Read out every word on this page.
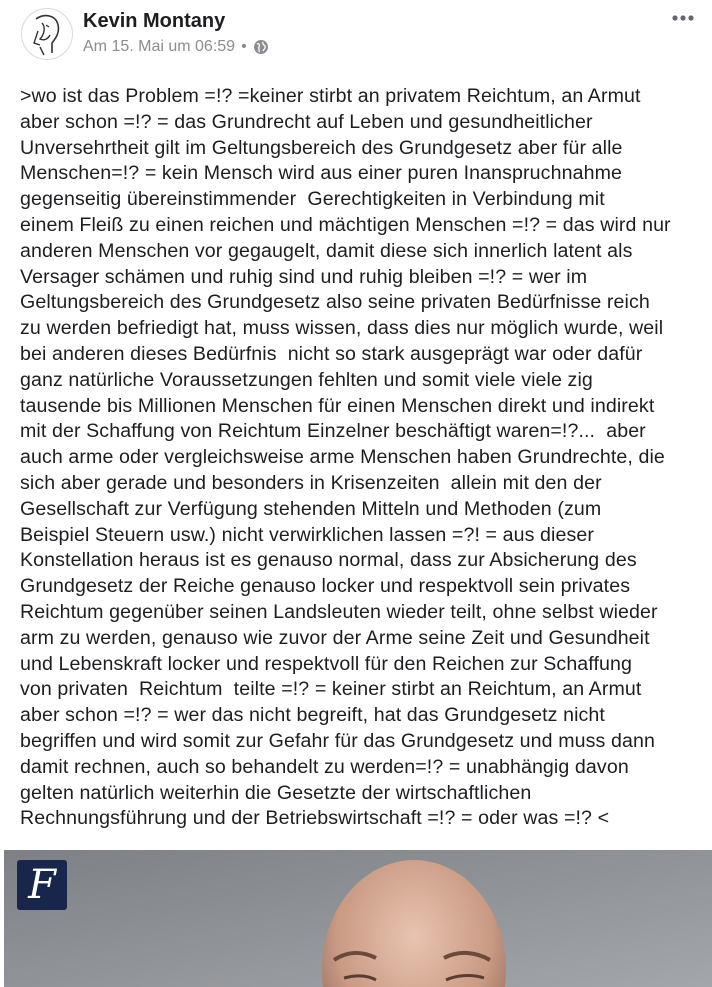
Kevin Montany
Am 15. Mai um 06:59 •
>wo ist das Problem =!? =keiner stirbt an privatem Reichtum, an Armut
aber schon =!? = das Grundrecht auf Leben und gesundheitlicher
Unversehrtheit gilt im Geltungsbereich des Grundgesetz aber für alle
Menschen=!? = kein Mensch wird aus einer puren Inanspruchnahme
gegenseitig übereinstimmender  Gerechtigkeiten in Verbindung mit
einem Fleiß zu einen reichen und mächtigen Menschen =!? = das wird nur
anderen Menschen vor gegaugelt, damit diese sich innerlich latent als
Versager schämen und ruhig sind und ruhig bleiben =!? = wer im
Geltungsbereich des Grundgesetz also seine privaten Bedürfnisse reich
zu werden befriedigt hat, muss wissen, dass dies nur möglich wurde, weil
bei anderen dieses Bedürfnis  nicht so stark ausgeprägt war oder dafür
ganz natürliche Voraussetzungen fehlten und somit viele viele zig
tausende bis Millionen Menschen für einen Menschen direkt und indirekt
mit der Schaffung von Reichtum Einzelner beschäftigt waren=!?...  aber
auch arme oder vergleichsweise arme Menschen haben Grundrechte, die
sich aber gerade und besonders in Krisenzeiten  allein mit den der
Gesellschaft zur Verfügung stehenden Mitteln und Methoden (zum
Beispiel Steuern usw.) nicht verwirklichen lassen =?! = aus dieser
Konstellation heraus ist es genauso normal, dass zur Absicherung des
Grundgesetz der Reiche genauso locker und respektvoll sein privates
Reichtum gegenüber seinen Landsleuten wieder teilt, ohne selbst wieder
arm zu werden, genauso wie zuvor der Arme seine Zeit und Gesundheit
und Lebenskraft locker und respektvoll für den Reichen zur Schaffung
von privaten  Reichtum  teilte =!? = keiner stirbt an Reichtum, an Armut
aber schon =!? = wer das nicht begreift, hat das Grundgesetz nicht
begriffen und wird somit zur Gefahr für das Grundgesetz und muss dann
damit rechnen, auch so behandelt zu werden=!? = unabhängig davon
gelten natürlich weiterhin die Gesetzte der wirtschaftlichen
Rechnungsführung und der Betriebswirtschaft =!? = oder was =!? <
F
